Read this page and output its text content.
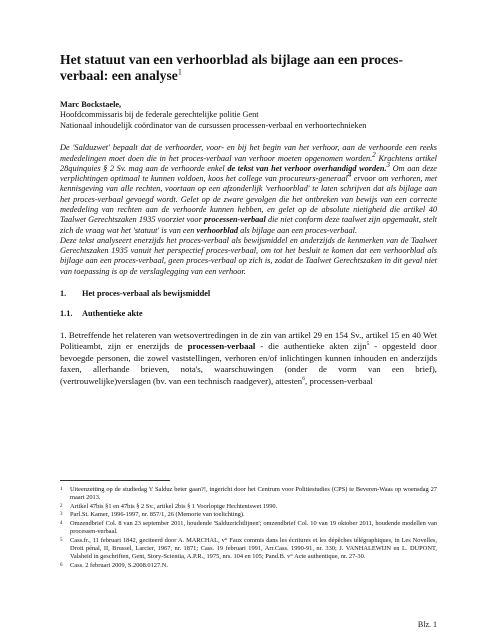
Het statuut van een verhoorblad als bijlage aan een proces-verbaal: een analyse$^1$
Marc Bockstaele,
Hoofdcommissaris bij de federale gerechtelijke politie Gent
Nationaal inhoudelijk coördinator van de cursussen processen-verbaal en verhoortechnieken

De 'Salduzwet' bepaalt dat de verhoorder, voor- en bij het begin van het verhoor, aan de verhoorde een reeks mededelingen moet doen die in het proces-verbaal van verhoor moeten opgenomen worden.$^2$ Krachtens artikel 28quinquies § 2 Sv. mag aan de verhoorde enkel de tekst van het verhoor overhandigd worden.$^3$ Om aan deze verplichtingen optimaal te kunnen voldoen, koos het college van procureurs-generaal$^4$ ervoor om verhoren, met kennisgeving van alle rechten, voortaan op een afzonderlijk 'verhoorblad' te laten schrijven dat als bijlage aan het proces-verbaal gevoegd wordt. Gelet op de zware gevolgen die het ontbreken van bewijs van een correcte mededeling van rechten aan de verhoorde kunnen hebben, en gelet op de absolute nietigheid die artikel 40 Taalwet Gerechtszaken 1935 voorziet voor processen-verbaal die niet conform deze taalwet zijn opgemaakt, stelt zich de vraag wat het 'statuut' is van een verhoorblad als bijlage aan een proces-verbaal.

Deze tekst analyseert enerzijds het proces-verbaal als bewijsmiddel en anderzijds de kenmerken van de Taalwet Gerechtszaken 1935 vanuit het perspectief proces-verbaal, om tot het besluit te komen dat een verhoorblad als bijlage aan een proces-verbaal, geen proces-verbaal op zich is, zodat de Taalwet Gerechtszaken in dit geval niet van toepassing is op de verslaglegging van een verhoor.

1.	Het proces-verbaal als bewijsmiddel
1.1.	Authentieke akte

1. Betreffende het relateren van wetsovertredingen in de zin van artikel 29 en 154 Sv., artikel 15 en 40 Wet Politieambt, zijn er enerzijds de processen-verbaal - die authentieke akten zijn$^5$ - opgesteld door bevoegde personen, die zowel vaststellingen, verhoren en/of inlichtingen kunnen inhouden en anderzijds faxen, allerhande brieven, nota's, waarschuwingen (onder de vorm van een brief), (vertrouwelijke)verslagen (bv. van een technisch raadgever), attesten$^6$, processen-verbaal

1	Uiteenzetting op de studiedag 't' Salduz beter gaan?!, ingericht door het Centrum voor Politiestudies (CPS) te Beveren-Waas op woensdag 27 maart 2013.
2	Artikel 47bis §1 en 47bis § 2 Sv., artikel 2bis § 1 Voorlopige Hechteniswet 1990.
3	Parl.St. Kamer, 1996-1997, nr. 857/1, 26 (Memorie van toelichting).
4	Omzendbrief Col. 8 van 23 september 2011, houdende 'Salduzrichtlijnen'; omzendbrief Col. 10 van 19 oktober 2011, houdende modellen van processen-verbaal.
5	Cass.fr., 11 februari 1842, geciteerd door A. MARCHAL, v° Faux commis dans les écritures et les dépêches télégraphiques, in Les Novelles, Droit pénal, II, Brussel, Larcier, 1967, nr. 1871; Cass. 19 februari 1991, Arr.Cass. 1990-91, nr. 330; J. VANHALEWIJN en L. DUPONT, Valsheid in geschriften, Gent, Story-Scientia, A.P.R., 1975, nrs. 104 en 105; Pand.B. v° Acte authentique, nr. 27-30.
6	Cass. 2 februari 2009, S.2008.0127.N.
Blz. 1
